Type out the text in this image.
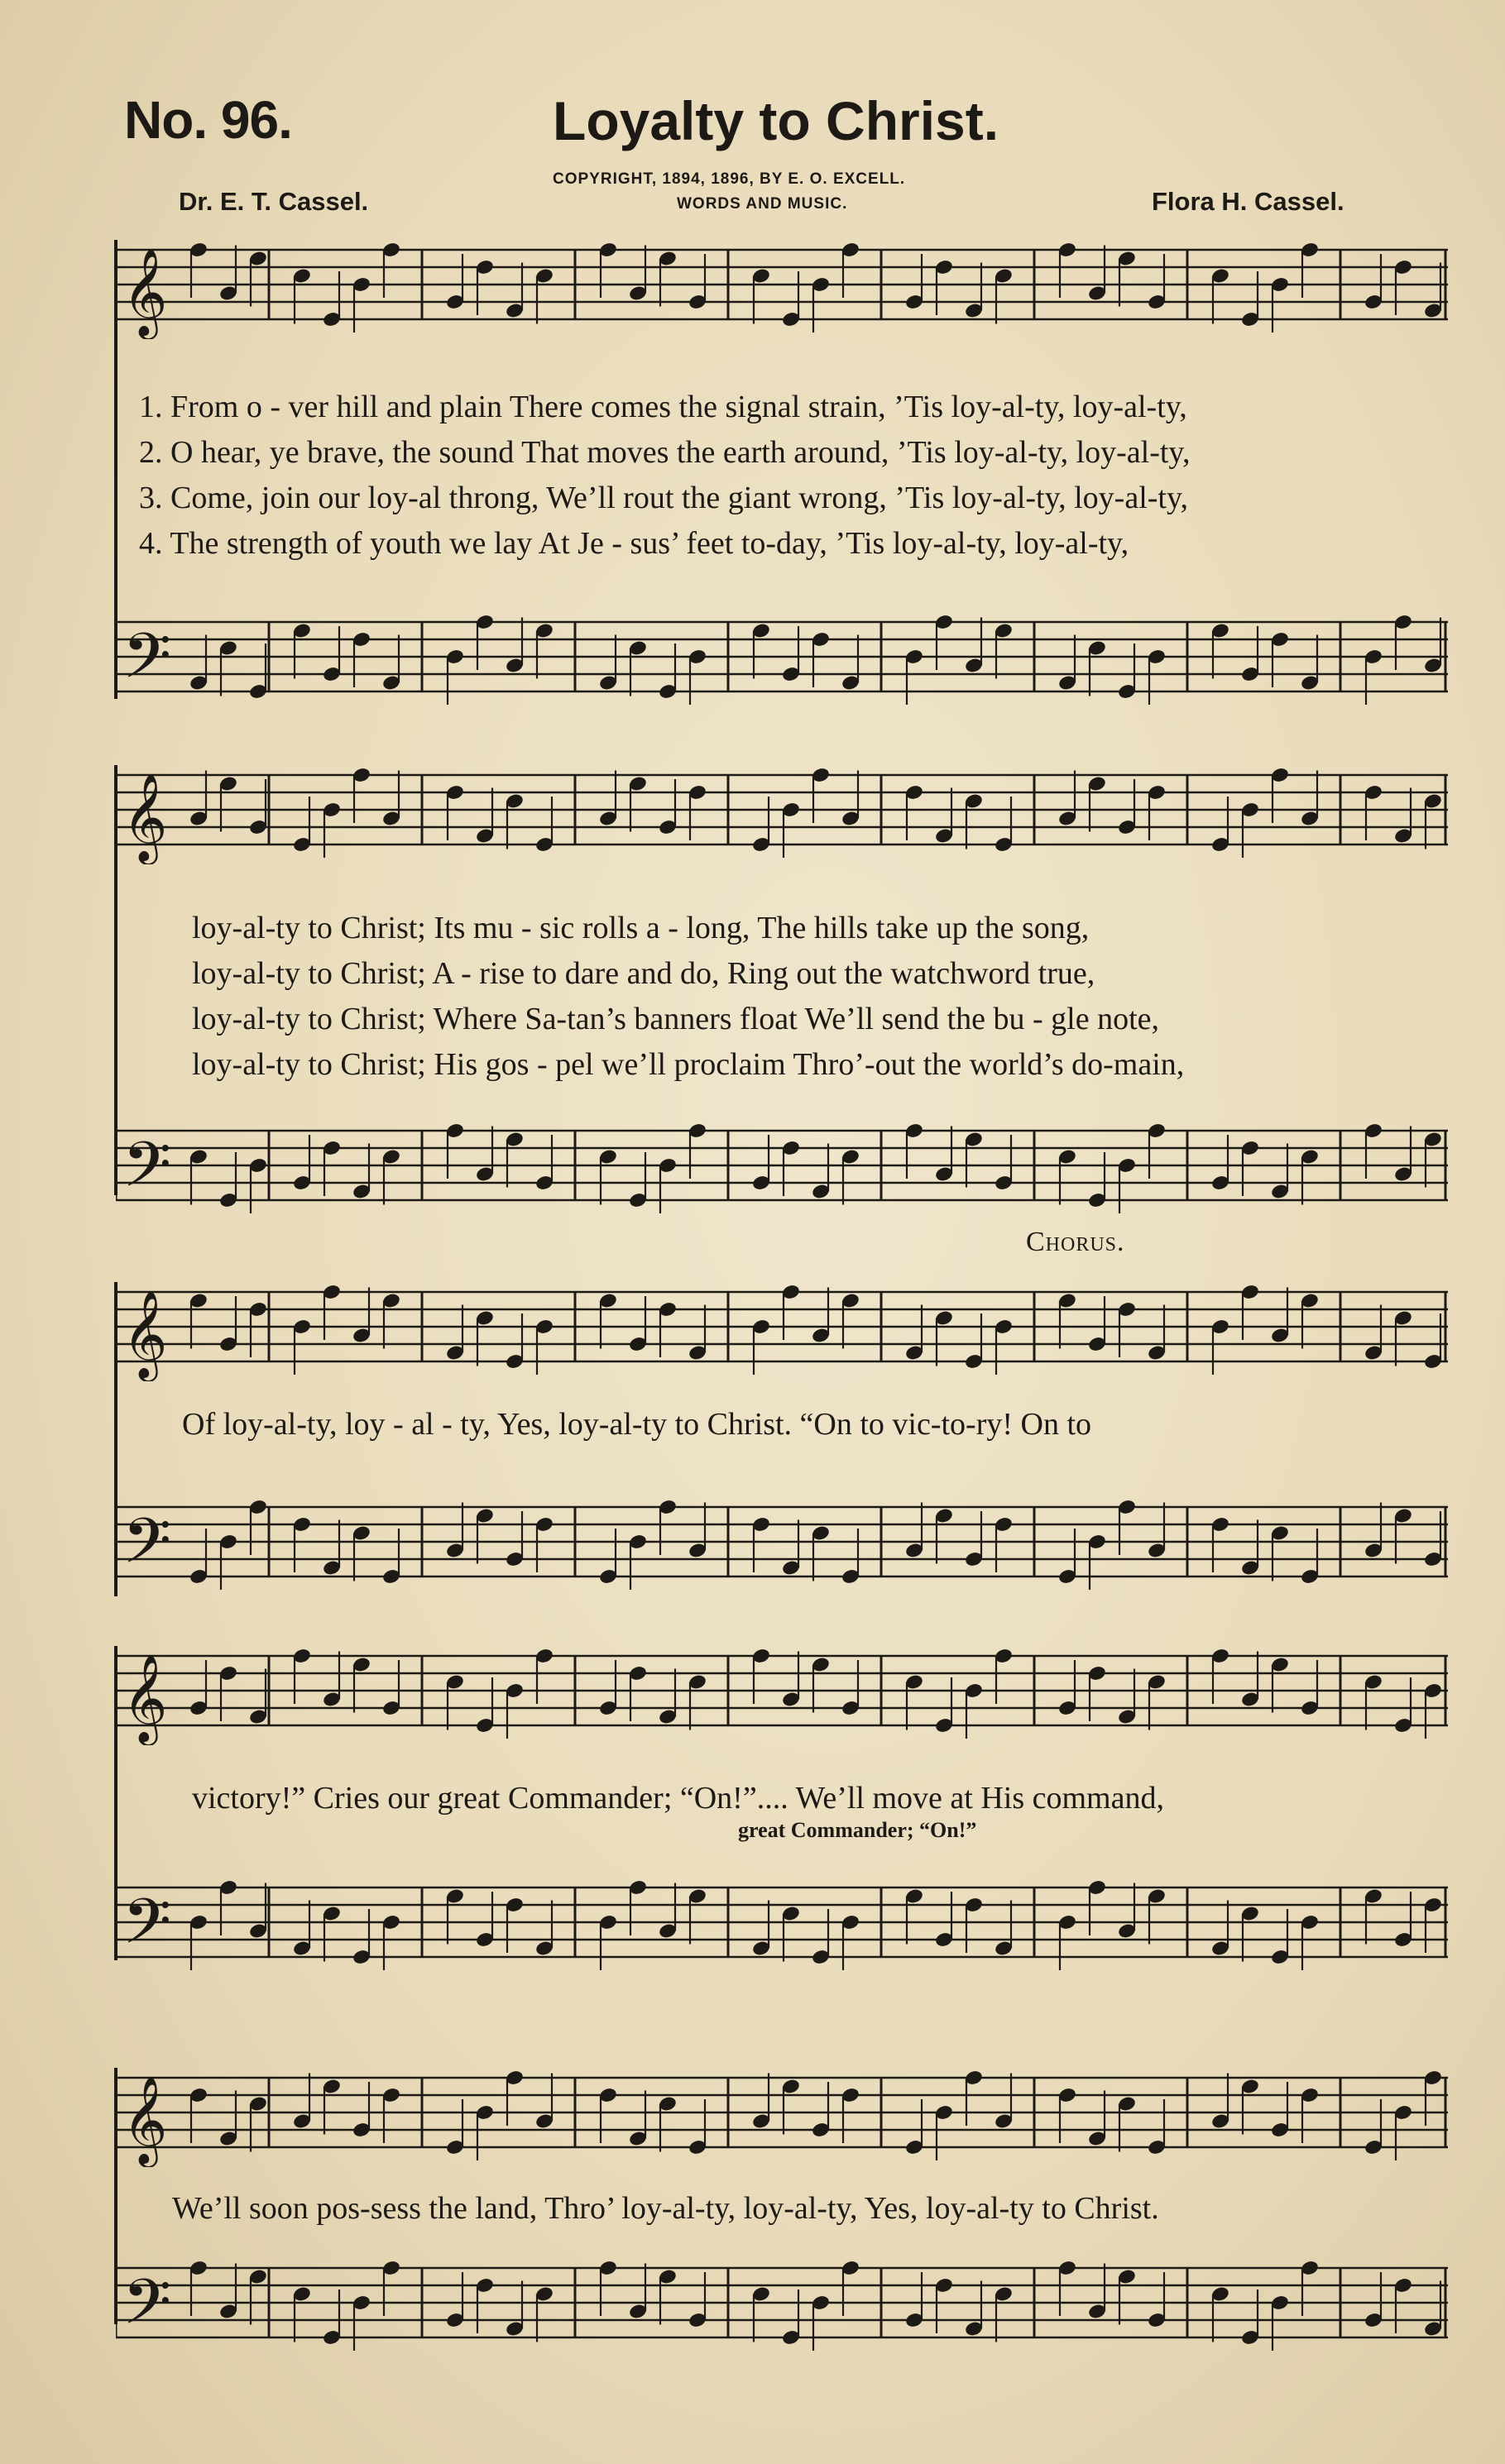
No. 96.	Loyalty to Christ.
COPYRIGHT, 1894, 1896, BY E. O. EXCELL.
WORDS AND MUSIC.
Dr. E. T. Cassel.	Flora H. Cassel.
𝄞
𝄢
𝄞
𝄢
𝄞
𝄢
𝄞
𝄢
𝄞
𝄢
1. From o - ver hill and plain There comes the signal strain, ’Tis loy-al-ty, loy-al-ty,
2. O hear, ye brave, the sound That moves the earth around, ’Tis loy-al-ty, loy-al-ty,
3. Come, join our loy-al throng, We’ll rout the giant wrong, ’Tis loy-al-ty, loy-al-ty,
4. The strength of youth we lay At Je - sus’ feet to-day, ’Tis loy-al-ty, loy-al-ty,
loy-al-ty to Christ; Its mu - sic rolls a - long, The hills take up the song,
loy-al-ty to Christ; A - rise to dare and do, Ring out the watchword true,
loy-al-ty to Christ; Where Sa-tan’s banners float We’ll send the bu - gle note,
loy-al-ty to Christ; His gos - pel we’ll proclaim Thro’-out the world’s do-main,
Chorus.
Of loy-al-ty, loy - al - ty, Yes, loy-al-ty to Christ. “On to vic-to-ry! On to
victory!” Cries our great Commander; “On!”.... We’ll move at His command,
great Commander; “On!”
We’ll soon pos-sess the land, Thro’ loy-al-ty, loy-al-ty, Yes, loy-al-ty to Christ.
